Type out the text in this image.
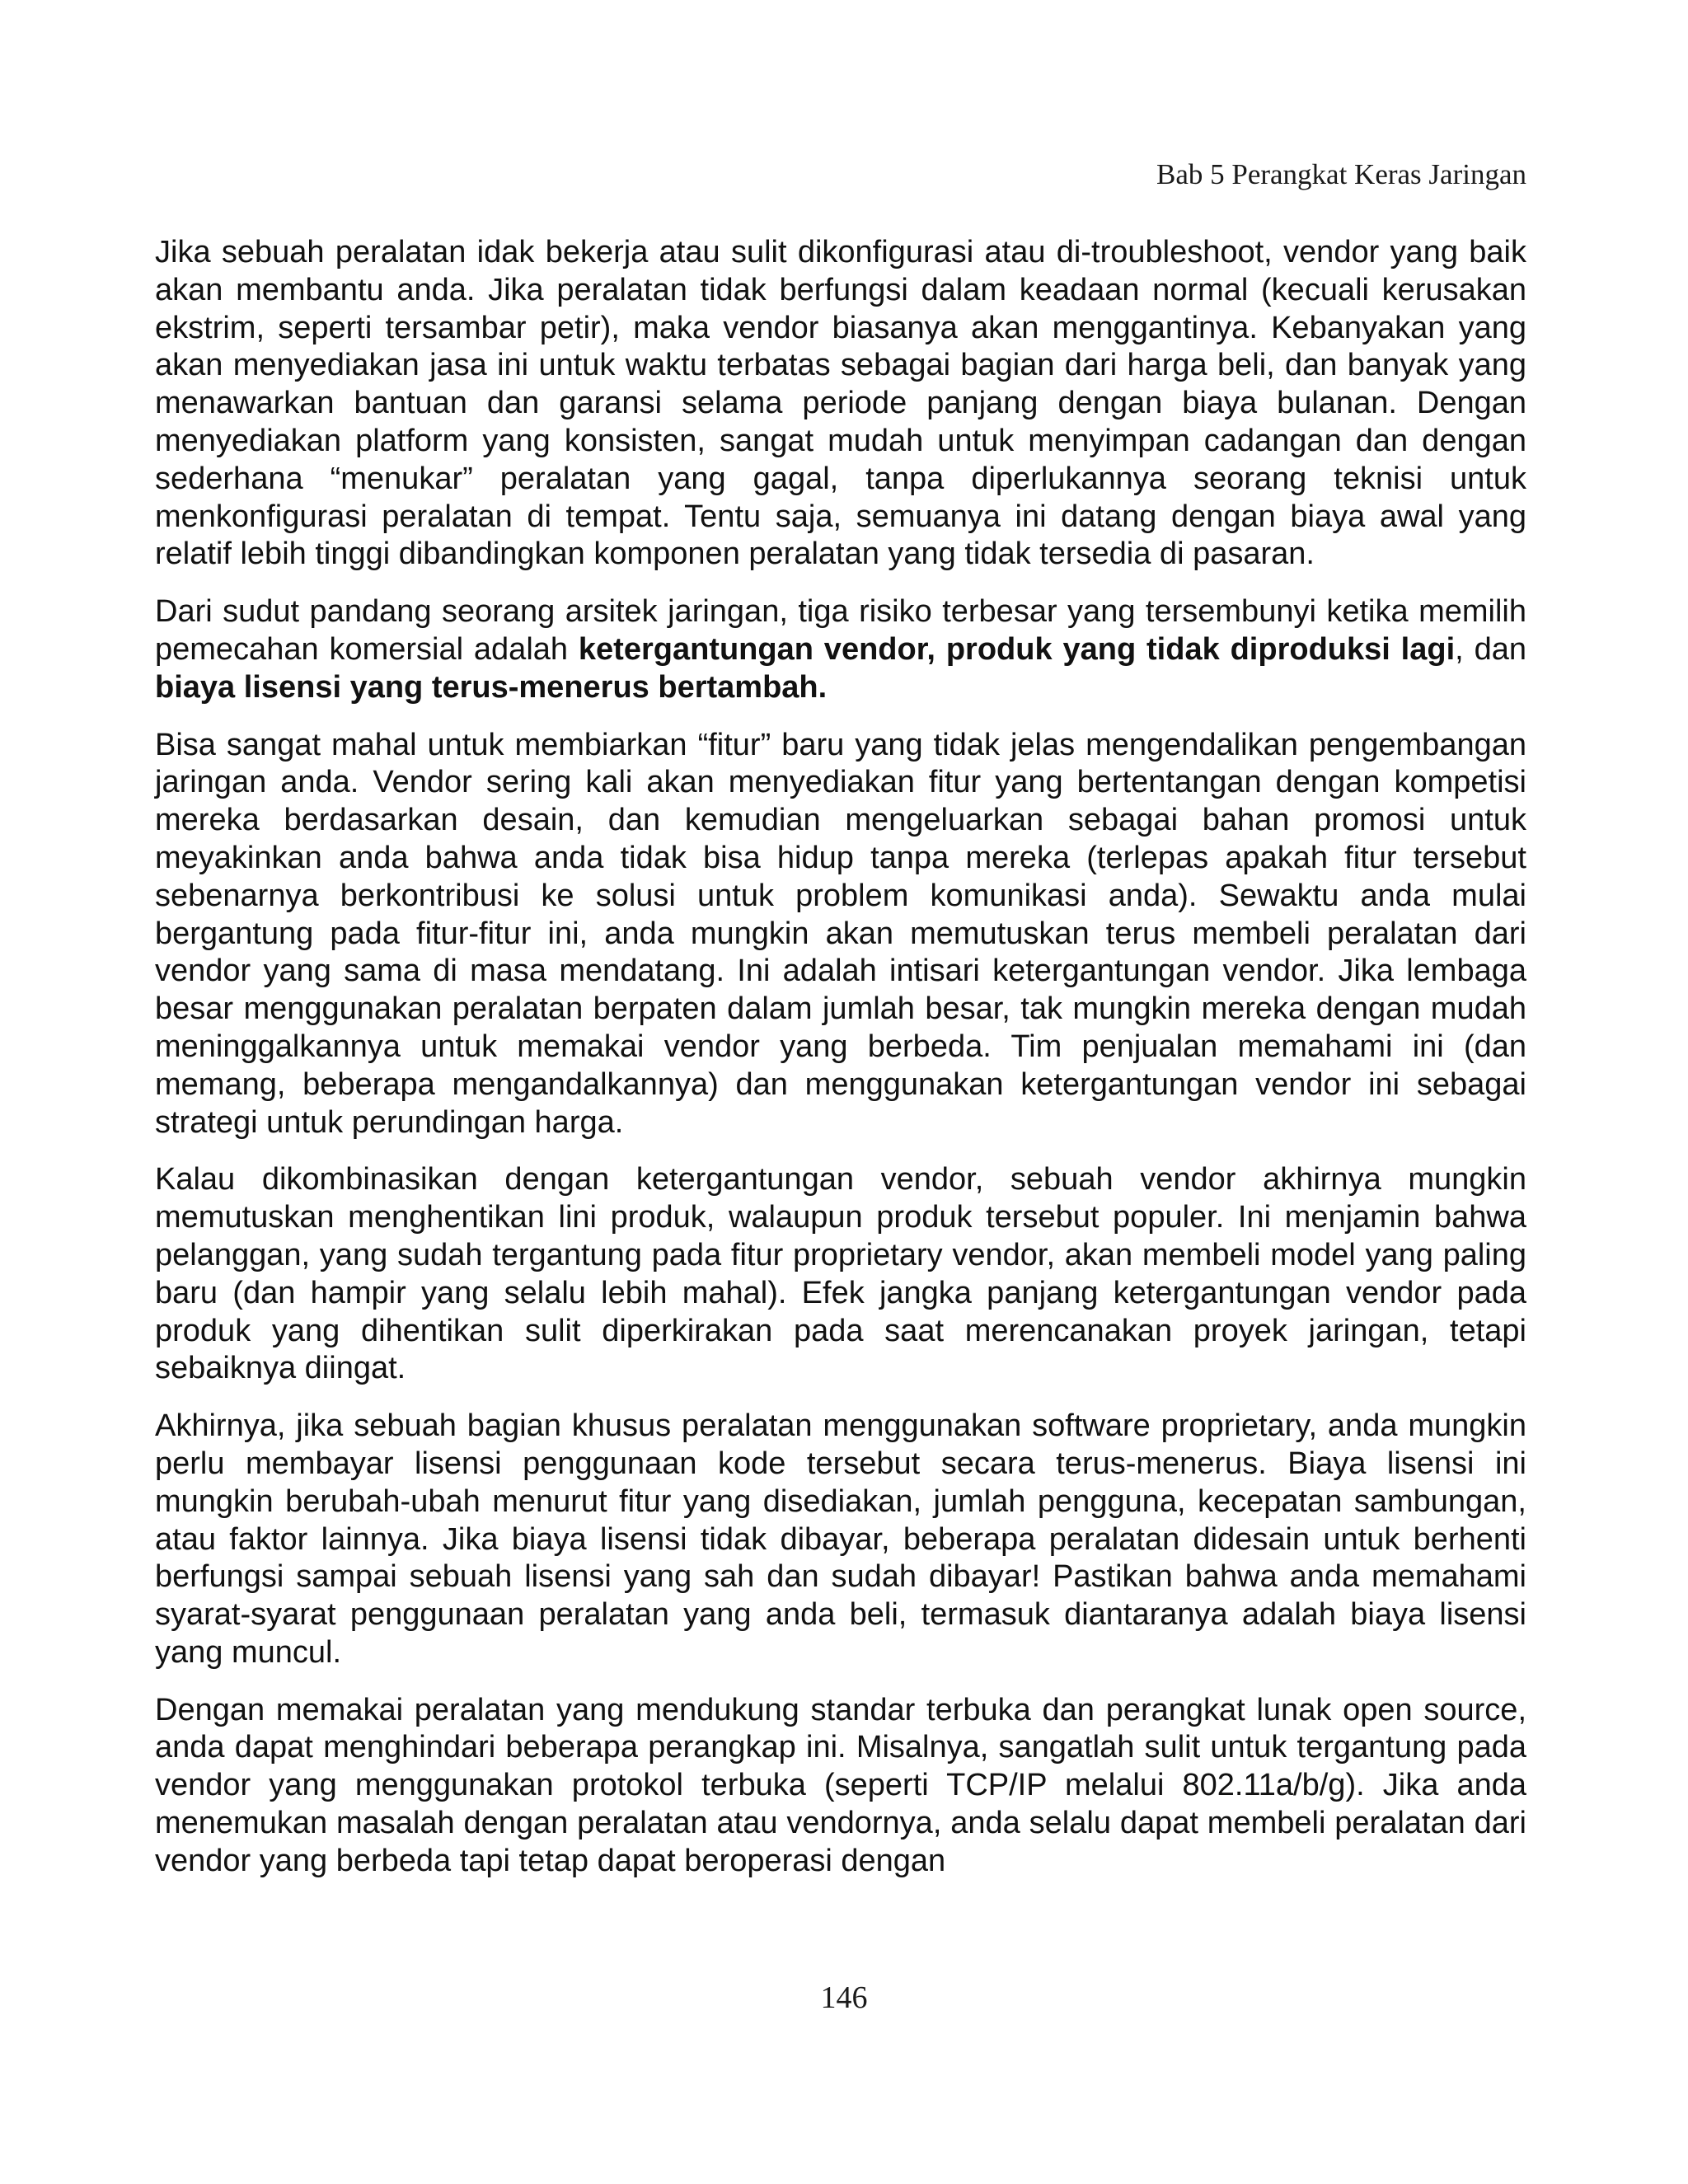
Bab 5 Perangkat Keras Jaringan

Jika sebuah peralatan idak bekerja atau sulit dikonfigurasi atau di-troubleshoot, vendor yang baik akan membantu anda. Jika peralatan tidak berfungsi dalam keadaan normal (kecuali kerusakan ekstrim, seperti tersambar petir), maka vendor biasanya akan menggantinya. Kebanyakan yang akan menyediakan jasa ini untuk waktu terbatas sebagai bagian dari harga beli, dan banyak yang menawarkan bantuan dan garansi selama periode panjang dengan biaya bulanan. Dengan menyediakan platform yang konsisten, sangat mudah untuk menyimpan cadangan dan dengan sederhana “menukar” peralatan yang gagal, tanpa diperlukannya seorang teknisi untuk menkonfigurasi peralatan di tempat. Tentu saja, semuanya ini datang dengan biaya awal yang relatif lebih tinggi dibandingkan komponen peralatan yang tidak tersedia di pasaran.

Dari sudut pandang seorang arsitek jaringan, tiga risiko terbesar yang tersembunyi ketika memilih pemecahan komersial adalah ketergantungan vendor, produk yang tidak diproduksi lagi, dan biaya lisensi yang terus-menerus bertambah.

Bisa sangat mahal untuk membiarkan “fitur” baru yang tidak jelas mengendalikan pengembangan jaringan anda. Vendor sering kali akan menyediakan fitur yang bertentangan dengan kompetisi mereka berdasarkan desain, dan kemudian mengeluarkan sebagai bahan promosi untuk meyakinkan anda bahwa anda tidak bisa hidup tanpa mereka (terlepas apakah fitur tersebut sebenarnya berkontribusi ke solusi untuk problem komunikasi anda). Sewaktu anda mulai bergantung pada fitur-fitur ini, anda mungkin akan memutuskan terus membeli peralatan dari vendor yang sama di masa mendatang. Ini adalah intisari ketergantungan vendor. Jika lembaga besar menggunakan peralatan berpaten dalam jumlah besar, tak mungkin mereka dengan mudah meninggalkannya untuk memakai vendor yang berbeda. Tim penjualan memahami ini (dan memang, beberapa mengandalkannya) dan menggunakan ketergantungan vendor ini sebagai strategi untuk perundingan harga.

Kalau dikombinasikan dengan ketergantungan vendor, sebuah vendor akhirnya mungkin memutuskan menghentikan lini produk, walaupun produk tersebut populer. Ini menjamin bahwa pelanggan, yang sudah tergantung pada fitur proprietary vendor, akan membeli model yang paling baru (dan hampir yang selalu lebih mahal). Efek jangka panjang ketergantungan vendor pada produk yang dihentikan sulit diperkirakan pada saat merencanakan proyek jaringan, tetapi sebaiknya diingat.

Akhirnya, jika sebuah bagian khusus peralatan menggunakan software proprietary, anda mungkin perlu membayar lisensi penggunaan kode tersebut secara terus-menerus. Biaya lisensi ini mungkin berubah-ubah menurut fitur yang disediakan, jumlah pengguna, kecepatan sambungan, atau faktor lainnya. Jika biaya lisensi tidak dibayar, beberapa peralatan didesain untuk berhenti berfungsi sampai sebuah lisensi yang sah dan sudah dibayar! Pastikan bahwa anda memahami syarat-syarat penggunaan peralatan yang anda beli, termasuk diantaranya adalah biaya lisensi yang muncul.

Dengan memakai peralatan yang mendukung standar terbuka dan perangkat lunak open source, anda dapat menghindari beberapa perangkap ini. Misalnya, sangatlah sulit untuk tergantung pada vendor yang menggunakan protokol terbuka (seperti TCP/IP melalui 802.11a/b/g). Jika anda menemukan masalah dengan peralatan atau vendornya, anda selalu dapat membeli peralatan dari vendor yang berbeda tapi tetap dapat beroperasi dengan

146
